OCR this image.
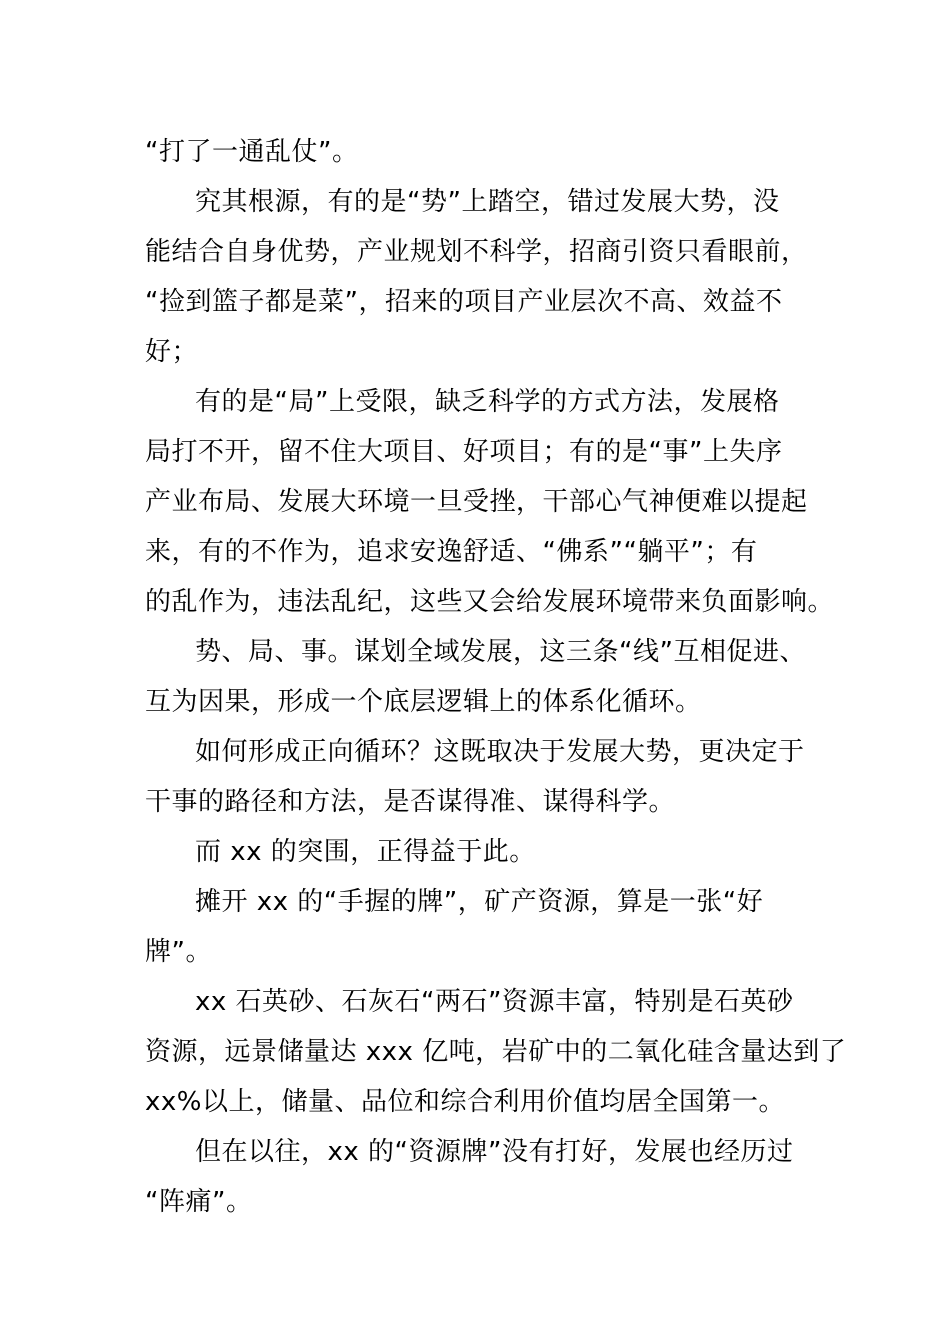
“打了一通乱仗”。
究其根源，有的是“势”上踏空，错过发展大势，没
能结合自身优势，产业规划不科学，招商引资只看眼前，
“捡到篮子都是菜”，招来的项目产业层次不高、效益不
好；
有的是“局”上受限，缺乏科学的方式方法，发展格
局打不开，留不住大项目、好项目；有的是“事”上失序
产业布局、发展大环境一旦受挫，干部心气神便难以提起
来，有的不作为，追求安逸舒适、“佛系”“躺平”；有
的乱作为，违法乱纪，这些又会给发展环境带来负面影响。
势、局、事。谋划全域发展，这三条“线”互相促进、
互为因果，形成一个底层逻辑上的体系化循环。
如何形成正向循环？这既取决于发展大势，更决定于
干事的路径和方法，是否谋得准、谋得科学。
而 xx 的突围，正得益于此。
摊开 xx 的“手握的牌”，矿产资源，算是一张“好
牌”。
xx 石英砂、石灰石“两石”资源丰富，特别是石英砂
资源，远景储量达 xxx 亿吨，岩矿中的二氧化硅含量达到了
xx%以上，储量、品位和综合利用价值均居全国第一。
但在以往，xx 的“资源牌”没有打好，发展也经历过
“阵痛”。
